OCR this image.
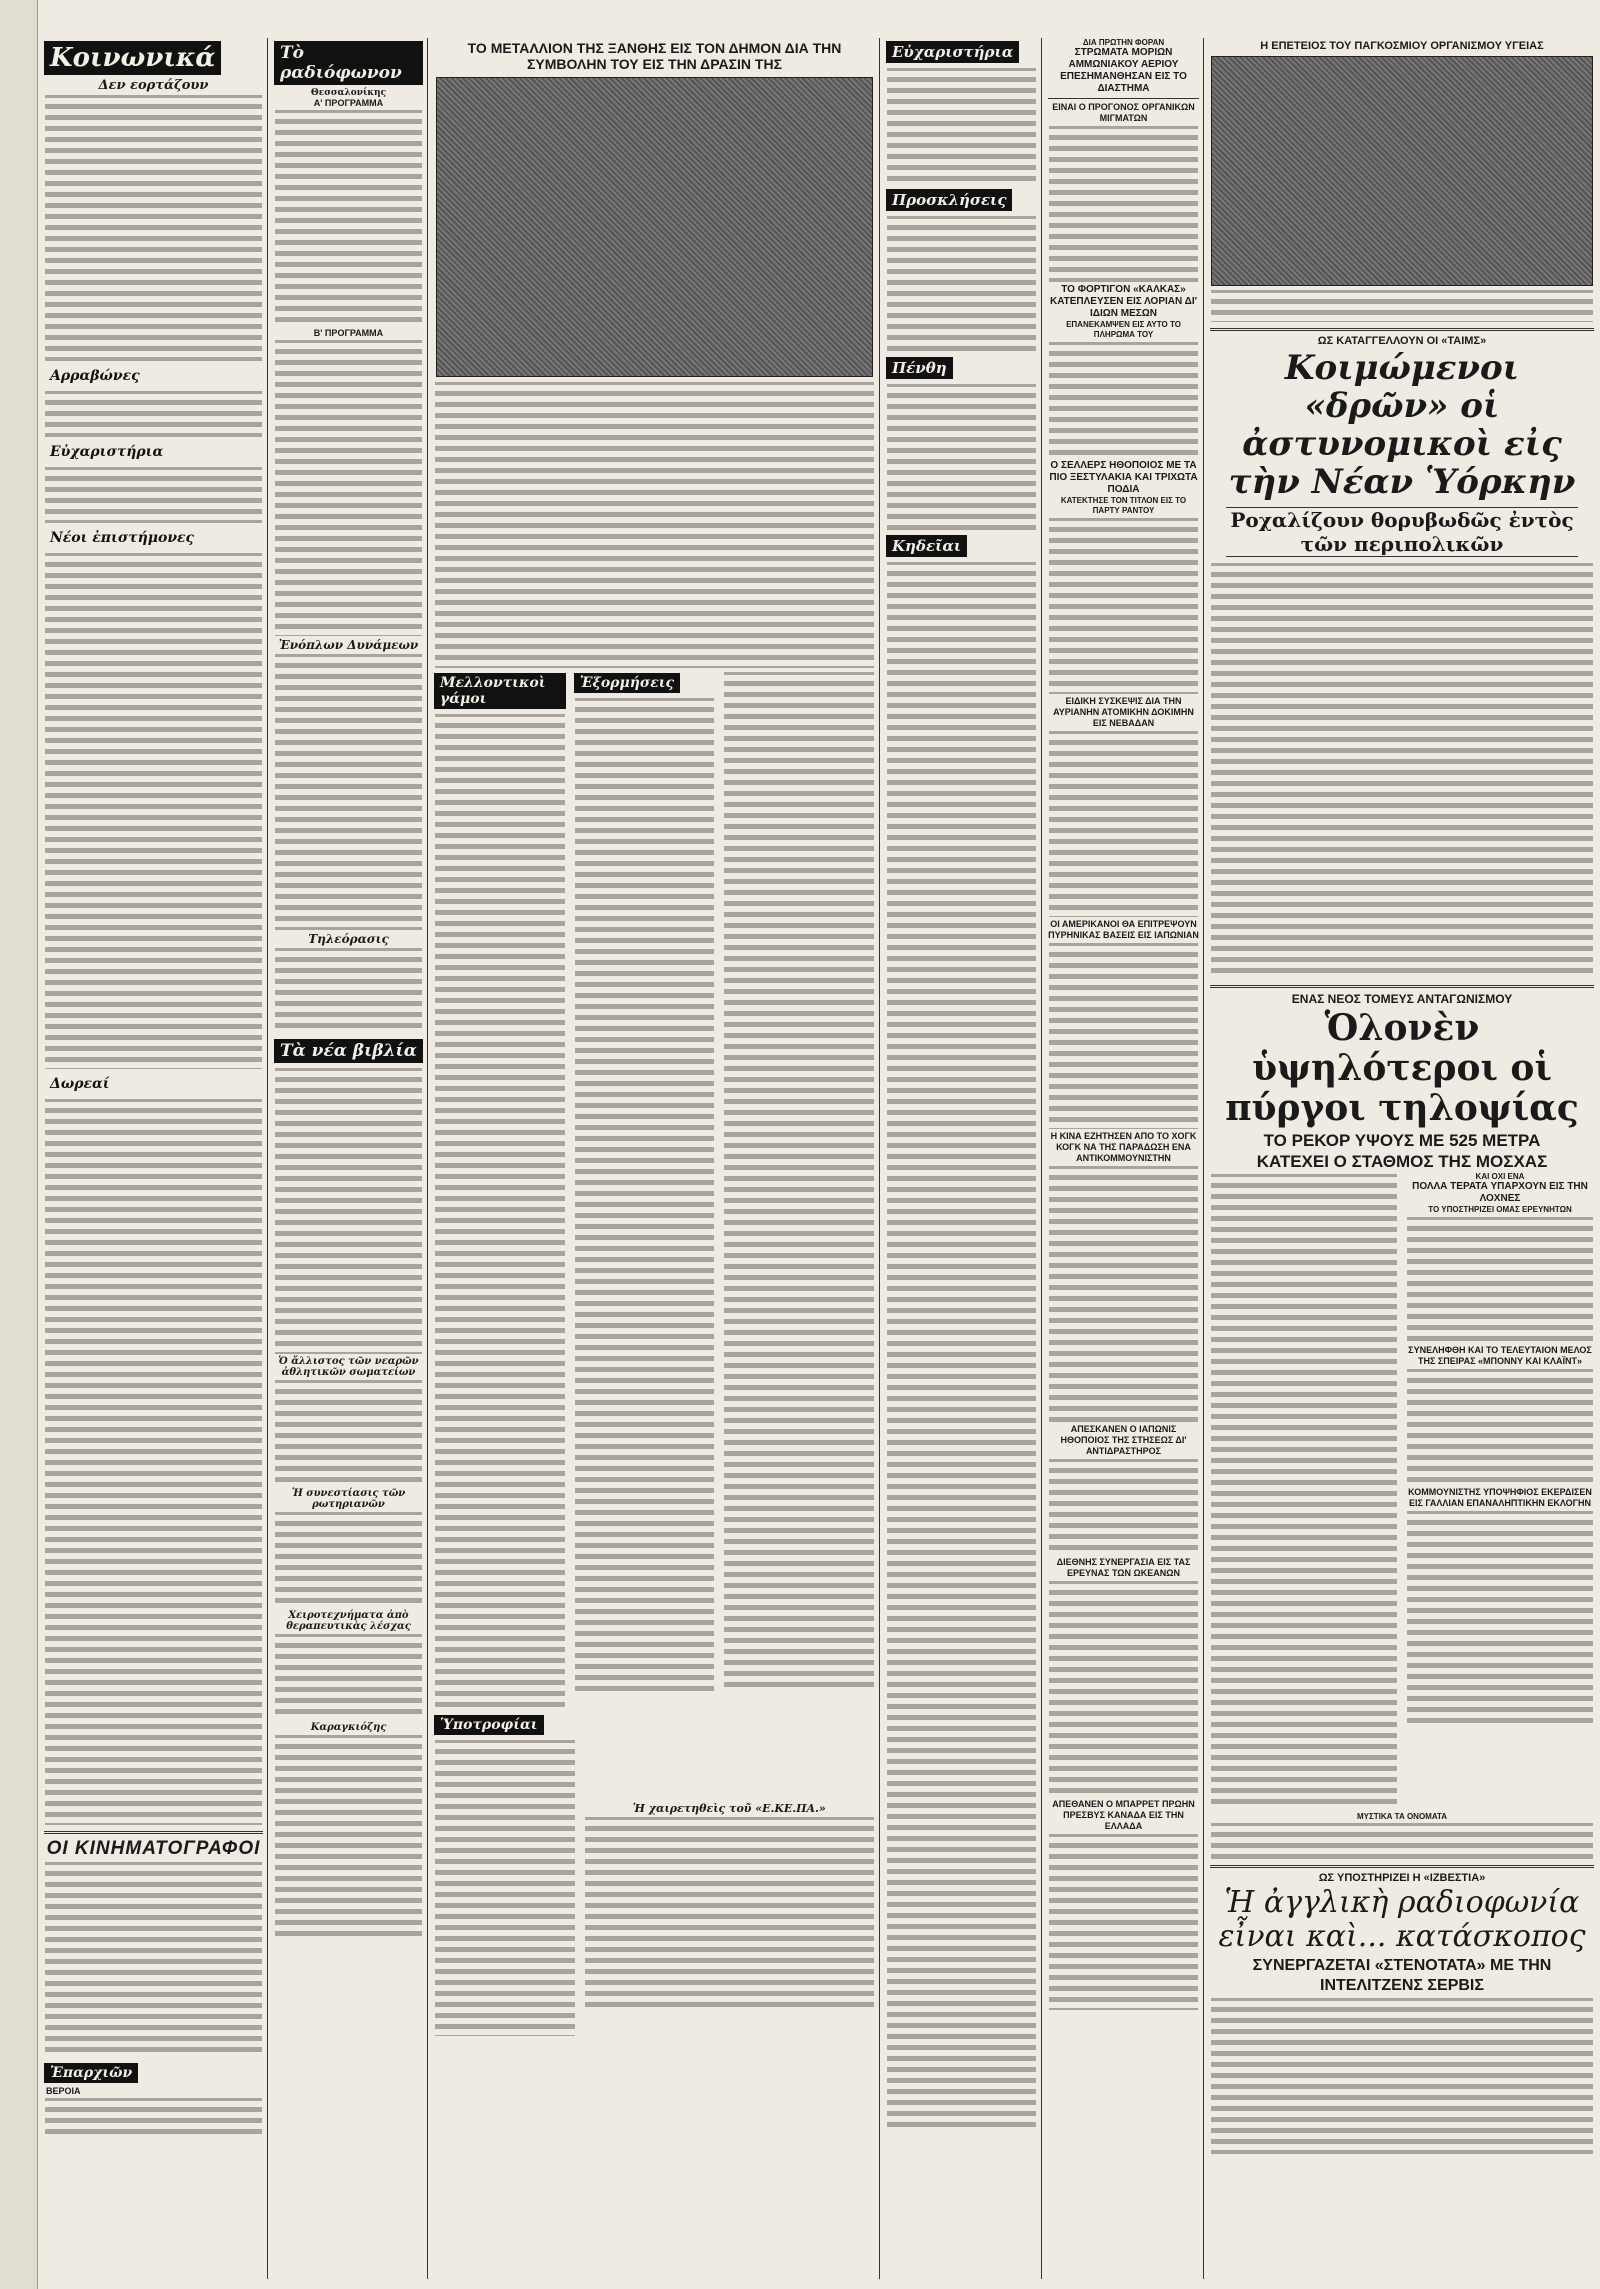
Κοινωνικά
Δεν εορτάζουν
Αρραβώνες
Εὐχαριστήρια
Νέοι ἐπιστήμονες
Δωρεαί
ΟΙ ΚΙΝΗΜΑΤΟΓΡΑΦΟΙ
Ἐπαρχιῶν
ΒΕΡΟΙΑ
Τὸ ραδιόφωνον
Θεσσαλονίκης
Α' ΠΡΟΓΡΑΜΜΑ
Β' ΠΡΟΓΡΑΜΜΑ
Ἐνόπλων Δυνάμεων
Τηλεόρασις
Τὰ νέα βιβλία
Ὁ ἄλλιστος τῶν νεαρῶν ἀθλητικῶν σωματείων
Ἡ συνεστίασις τῶν ρωτηριανῶν
Χειροτεχνήματα ἀπὸ θεραπευτικὰς λέσχας
Καραγκιόζης
ΤΟ ΜΕΤΑΛΛΙΟΝ ΤΗΣ ΞΑΝΘΗΣ ΕΙΣ ΤΟΝ ΔΗΜΟΝ ΔΙΑ ΤΗΝ ΣΥΜΒΟΛΗΝ ΤΟΥ ΕΙΣ ΤΗΝ ΔΡΑΣΙΝ ΤΗΣ
Μελλοντικοὶ γάμοι
Ἐξορμήσεις
Ὑποτροφίαι
Ἡ χαιρετηθεὶς τοῦ «Ε.ΚΕ.ΠΑ.»
Εὐχαριστήρια
Προσκλήσεις
Πένθη
Κηδεῖαι
ΔΙΑ ΠΡΩΤΗΝ ΦΟΡΑΝ
ΣΤΡΩΜΑΤΑ ΜΟΡΙΩΝ ΑΜΜΩΝΙΑΚΟΥ ΑΕΡΙΟΥ ΕΠΕΣΗΜΑΝΘΗΣΑΝ ΕΙΣ ΤΟ ΔΙΑΣΤΗΜΑ
ΕΙΝΑΙ Ο ΠΡΟΓΟΝΟΣ ΟΡΓΑΝΙΚΩΝ ΜΙΓΜΑΤΩΝ
ΤΟ ΦΟΡΤΙΓΟΝ «ΚΑΛΚΑΣ» ΚΑΤΕΠΛΕΥΣΕΝ ΕΙΣ ΛΟΡΙΑΝ ΔΙ' ΙΔΙΩΝ ΜΕΣΩΝ
ΕΠΑΝΕΚΑΜΨΕΝ ΕΙΣ ΑΥΤΟ ΤΟ ΠΛΗΡΩΜΑ ΤΟΥ
Ο ΣΕΛΛΕΡΣ ΗΘΟΠΟΙΟΣ ΜΕ ΤΑ ΠΙΟ ΞΕΣΤΥΛΑΚΙΑ ΚΑΙ ΤΡΙΧΩΤΑ ΠΟΔΙΑ
ΚΑΤΕΚΤΗΣΕ ΤΟΝ ΤΙΤΛΟΝ ΕΙΣ ΤΟ ΠΑΡΤΥ ΡΑΝΤΟΥ
ΕΙΔΙΚΗ ΣΥΣΚΕΨΙΣ ΔΙΑ ΤΗΝ ΑΥΡΙΑΝΗΝ ΑΤΟΜΙΚΗΝ ΔΟΚΙΜΗΝ ΕΙΣ ΝΕΒΑΔΑΝ
ΟΙ ΑΜΕΡΙΚΑΝΟΙ ΘΑ ΕΠΙΤΡΕΨΟΥΝ ΠΥΡΗΝΙΚΑΣ ΒΑΣΕΙΣ ΕΙΣ ΙΑΠΩΝΙΑΝ
Η ΚΙΝΑ ΕΖΗΤΗΣΕΝ ΑΠΟ ΤΟ ΧΟΓΚ ΚΟΓΚ ΝΑ ΤΗΣ ΠΑΡΑΔΩΣΗ ΕΝΑ ΑΝΤΙΚΟΜΜΟΥΝΙΣΤΗΝ
ΑΠΕΣΚΑΝΕΝ Ο ΙΑΠΩΝΙΣ ΗΘΟΠΟΙΟΣ ΤΗΣ ΣΤΗΣΕΩΣ ΔΙ' ΑΝΤΙΔΡΑΣΤΗΡΟΣ
ΔΙΕΘΝΗΣ ΣΥΝΕΡΓΑΣΙΑ ΕΙΣ ΤΑΣ ΕΡΕΥΝΑΣ ΤΩΝ ΩΚΕΑΝΩΝ
ΑΠΕΘΑΝΕΝ Ο ΜΠΑΡΡΕΤ ΠΡΩΗΝ ΠΡΕΣΒΥΣ ΚΑΝΑΔΑ ΕΙΣ ΤΗΝ ΕΛΛΑΔΑ
Η ΕΠΕΤΕΙΟΣ ΤΟΥ ΠΑΓΚΟΣΜΙΟΥ ΟΡΓΑΝΙΣΜΟΥ ΥΓΕΙΑΣ
ΩΣ ΚΑΤΑΓΓΕΛΛΟΥΝ ΟΙ «ΤΑΙΜΣ»
Κοιμώμενοι «δρῶν» οἱ ἀστυνομικοὶ εἰς τὴν Νέαν Ὑόρκην
Ροχαλίζουν θορυβωδῶς ἐντὸς τῶν περιπολικῶν
ΕΝΑΣ ΝΕΟΣ ΤΟΜΕΥΣ ΑΝΤΑΓΩΝΙΣΜΟΥ
Ὁλονὲν ὑψηλότεροι οἱ πύργοι τηλοψίας
ΤΟ ΡΕΚΟΡ ΥΨΟΥΣ ΜΕ 525 ΜΕΤΡΑ
ΚΑΤΕΧΕΙ Ο ΣΤΑΘΜΟΣ ΤΗΣ ΜΟΣΧΑΣ
ΚΑΙ ΟΧΙ ΕΝΑ
ΠΟΛΛΑ ΤΕΡΑΤΑ ΥΠΑΡΧΟΥΝ ΕΙΣ ΤΗΝ ΛΟΧΝΕΣ
ΤΟ ΥΠΟΣΤΗΡΙΖΕΙ ΟΜΑΣ ΕΡΕΥΝΗΤΩΝ
ΣΥΝΕΛΗΦΘΗ ΚΑΙ ΤΟ ΤΕΛΕΥΤΑΙΟΝ ΜΕΛΟΣ ΤΗΣ ΣΠΕΙΡΑΣ «ΜΠΟΝΝΥ ΚΑΙ ΚΛΑΪΝΤ»
ΚΟΜΜΟΥΝΙΣΤΗΣ ΥΠΟΨΗΦΙΟΣ ΕΚΕΡΔΙΣΕΝ ΕΙΣ ΓΑΛΛΙΑΝ ΕΠΑΝΑΛΗΠΤΙΚΗΝ ΕΚΛΟΓΗΝ
ΜΥΣΤΙΚΑ ΤΑ ΟΝΟΜΑΤΑ
ΩΣ ΥΠΟΣΤΗΡΙΖΕΙ Η «ΙΖΒΕΣΤΙΑ»
Ἡ ἀγγλικὴ ραδιοφωνία εἶναι καὶ... κατάσκοπος
ΣΥΝΕΡΓΑΖΕΤΑΙ «ΣΤΕΝΟΤΑΤΑ» ΜΕ ΤΗΝ ΙΝΤΕΛΙΤΖΕΝΣ ΣΕΡΒΙΣ
